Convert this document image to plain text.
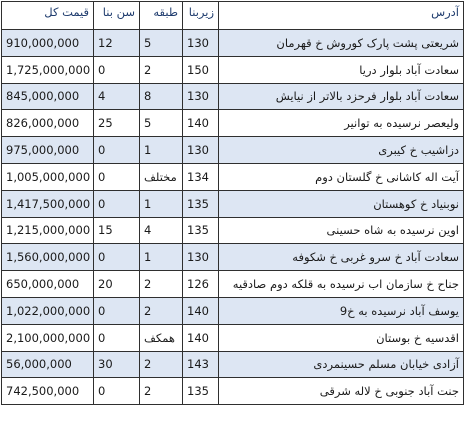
قیمت کل	سن بنا	طبقه	زیربنا	آدرس
910,000,000	12	5	130	شریعتی پشت پارک کوروش خ قهرمان
1,725,000,000	0	2	150	سعادت آباد بلوار دریا
845,000,000	4	8	130	سعادت آباد بلوار فرحزد بالاتر از نیایش
826,000,000	25	5	140	ولیعصر نرسیده به توانیر
975,000,000	0	1	130	دزاشیب خ کیبری
1,005,000,000	0	مختلف	134	آیت اله کاشانی خ گلستان دوم
1,417,500,000	0	1	135	نوبنیاد خ کوهستان
1,215,000,000	15	4	135	اوین نرسیده به شاه حسینی
1,560,000,000	0	1	130	سعادت آباد خ سرو غربی خ شکوفه
650,000,000	20	2	126	جناح خ سازمان اب نرسیده به قلکه دوم صادقیه
1,022,000,000	0	2	140	یوسف آباد نرسیده به خ9
2,100,000,000	0	همکف	140	اقدسیه خ بوستان
56,000,000	30	2	143	آزادی خیابان مسلم حسینمردی
742,500,000	0	2	135	جنت آباد جنوبی خ لاله شرقی
